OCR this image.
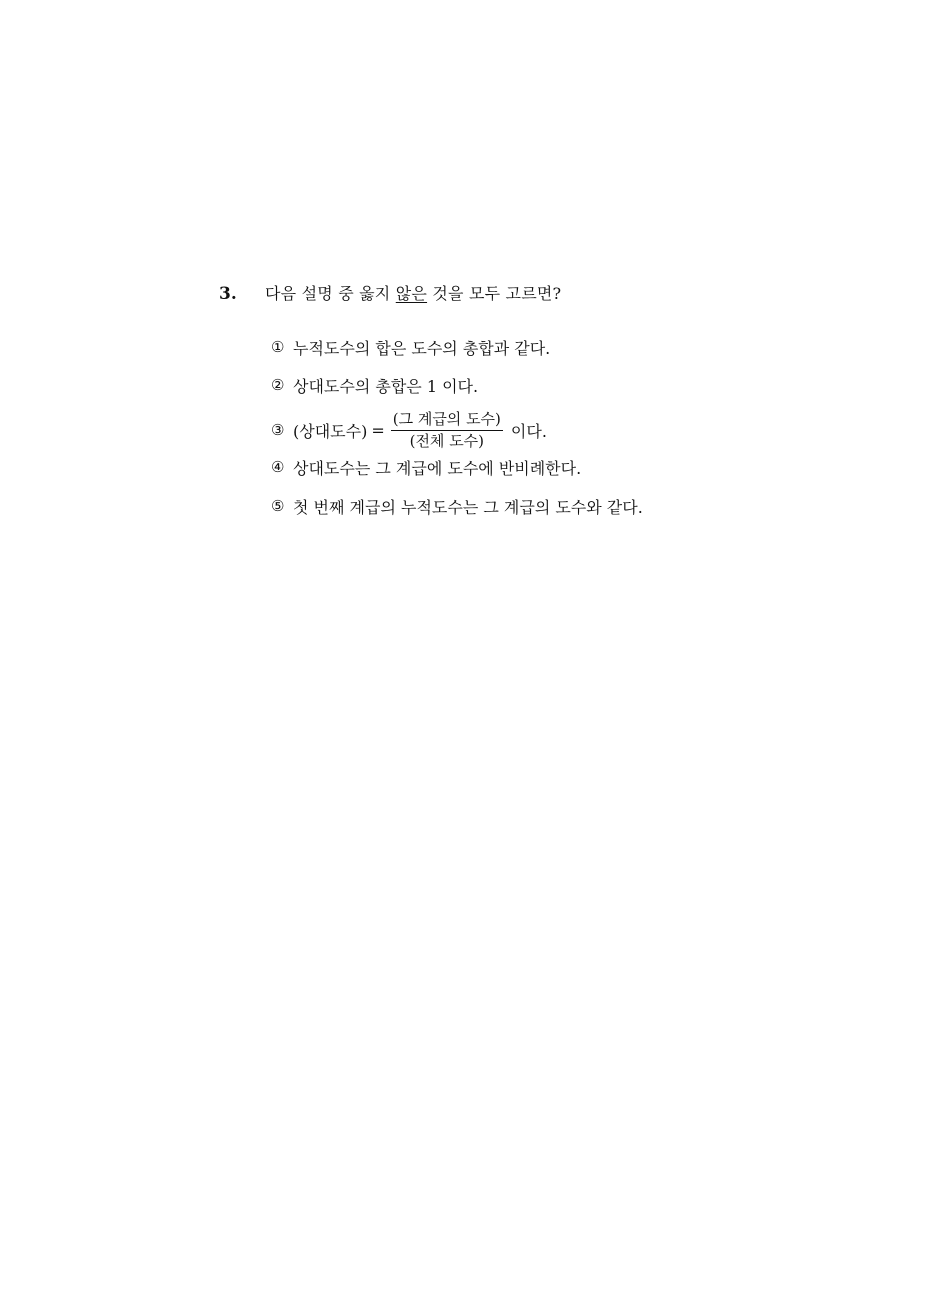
3.	다음 설명 중 옳지 않은 것을 모두 고르면?
① 누적도수의 합은 도수의 총합과 같다.
② 상대도수의 총합은 1 이다.
③ (상대도수) = $\frac{\text{(그 계급의 도수)}}{\text{(전체 도수)}}$ 이다.
④ 상대도수는 그 계급에 도수에 반비례한다.
⑤ 첫 번째 계급의 누적도수는 그 계급의 도수와 같다.
